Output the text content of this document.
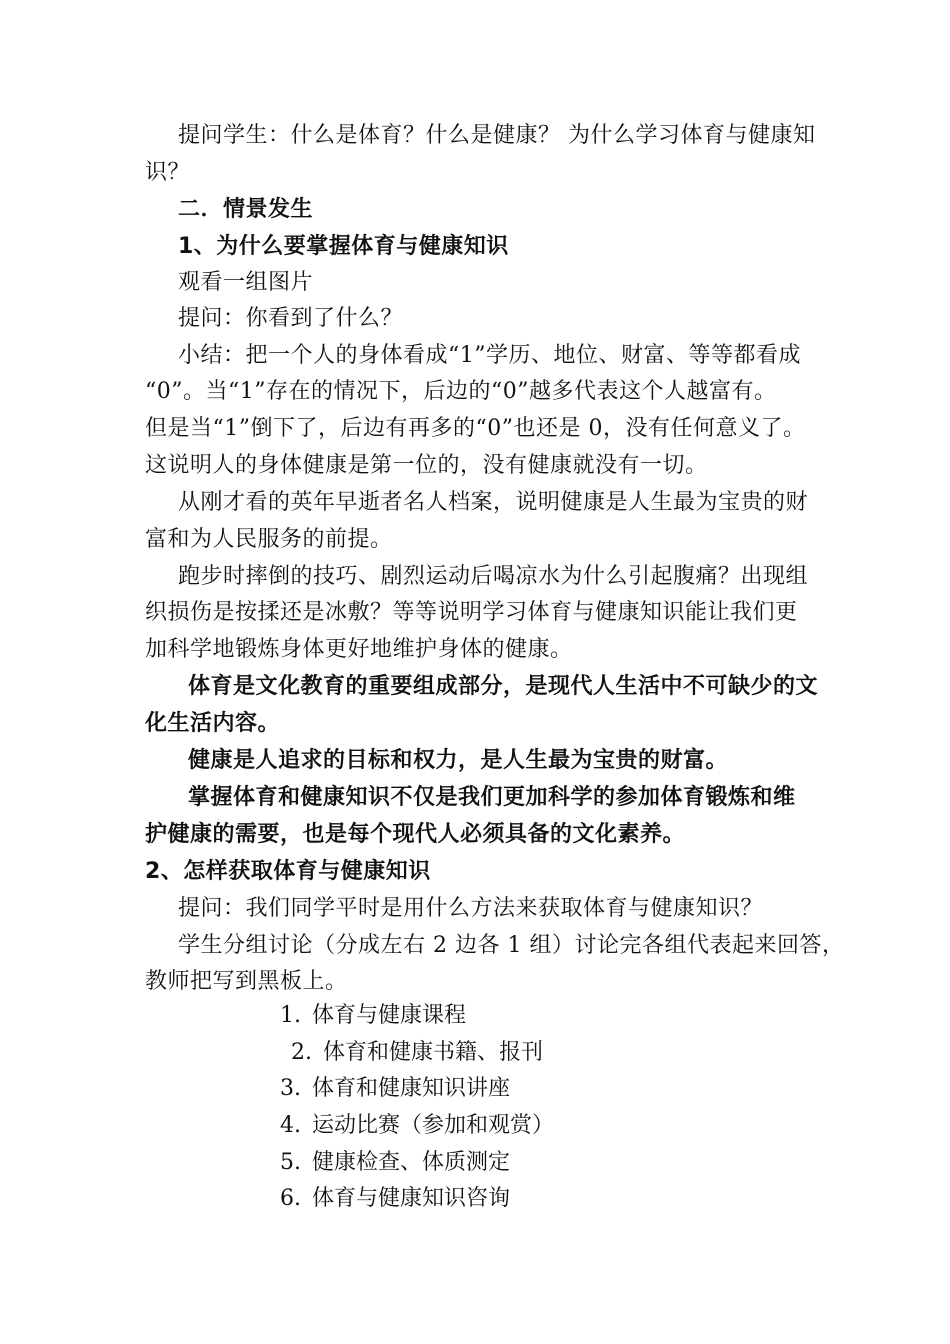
提问学生：什么是体育？什么是健康？ 为什么学习体育与健康知
识？
二．情景发生
1、为什么要掌握体育与健康知识
观看一组图片
提问：你看到了什么？
小结：把一个人的身体看成“1”学历、地位、财富、等等都看成
“0”。当“1”存在的情况下，后边的“0”越多代表这个人越富有。
但是当“1”倒下了，后边有再多的“0”也还是 0，没有任何意义了。
这说明人的身体健康是第一位的，没有健康就没有一切。
从刚才看的英年早逝者名人档案，说明健康是人生最为宝贵的财
富和为人民服务的前提。
跑步时摔倒的技巧、剧烈运动后喝凉水为什么引起腹痛？出现组
织损伤是按揉还是冰敷？等等说明学习体育与健康知识能让我们更
加科学地锻炼身体更好地维护身体的健康。
体育是文化教育的重要组成部分，是现代人生活中不可缺少的文
化生活内容。
健康是人追求的目标和权力，是人生最为宝贵的财富。
掌握体育和健康知识不仅是我们更加科学的参加体育锻炼和维
护健康的需要，也是每个现代人必须具备的文化素养。
2、怎样获取体育与健康知识
提问：我们同学平时是用什么方法来获取体育与健康知识？
学生分组讨论（分成左右 2 边各 1 组）讨论完各组代表起来回答，
教师把写到黑板上。
1. 体育与健康课程
2. 体育和健康书籍、报刊
3. 体育和健康知识讲座
4. 运动比赛（参加和观赏）
5. 健康检查、体质测定
6. 体育与健康知识咨询
